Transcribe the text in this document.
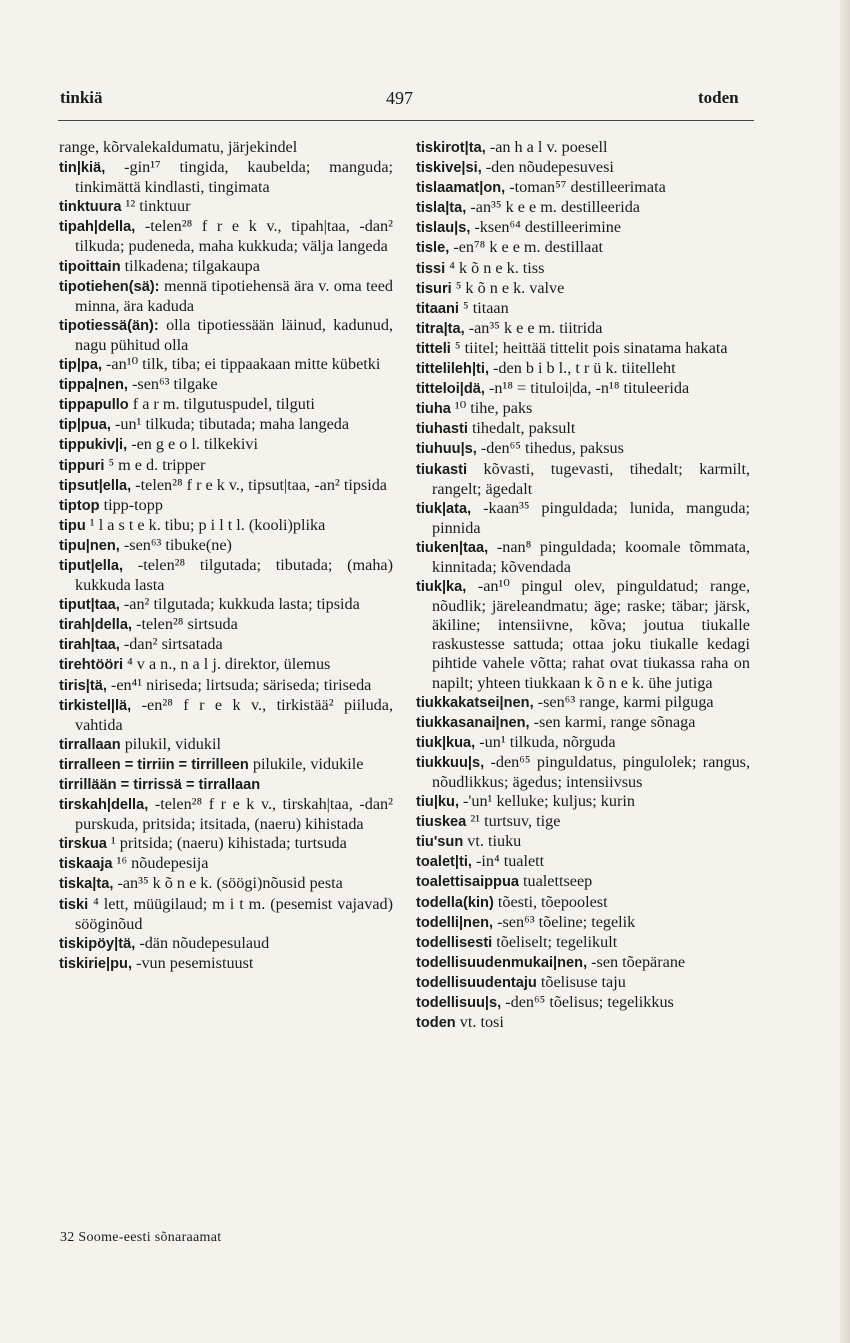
tinkiä	497	toden
range, kõrvalekaldumatu, järjekindel
tin|kiä, -gin¹⁷ tingida, kaubelda; manguda; tinkimättä kindlasti, tingimata
tinktuura ¹² tinktuur
tipah|della, -telen²⁸ f r e k v., tipah|taa, -dan² tilkuda; pudeneda, maha kukkuda; välja langeda
tipoittain tilkadena; tilgakaupa
tipotiehen(sä): mennä tipotiehensä ära v. oma teed minna, ära kaduda
tipotiessä(än): olla tipotiessään läinud, kadunud, nagu pühitud olla
tip|pa, -an¹⁰ tilk, tiba; ei tippaakaan mitte kübetki
tippa|nen, -sen⁶³ tilgake
tippapullo f a r m. tilgutuspudel, tilguti
tip|pua, -un¹ tilkuda; tibutada; maha langeda
tippukiv|i, -en g e o l. tilkekivi
tippuri ⁵ m e d. tripper
tipsut|ella, -telen²⁸ f r e k v., tipsut|taa, -an² tipsida
tiptop tipp-topp
tipu ¹ l a s t e k. tibu; p i l t l. (kooli)plika
tipu|nen, -sen⁶³ tibuke(ne)
tiput|ella, -telen²⁸ tilgutada; tibutada; (maha) kukkuda lasta
tiput|taa, -an² tilgutada; kukkuda lasta; tipsida
tirah|della, -telen²⁸ sirtsuda
tirah|taa, -dan² sirtsatada
tirehtööri ⁴ v a n., n a l j. direktor, ülemus
tiris|tä, -en⁴¹ niriseda; lirtsuda; säriseda; tiriseda
tirkistel|lä, -en²⁸ f r e k v., tirkistää² piiluda, vahtida
tirrallaan pilukil, vidukil
tirralleen = tirriin = tirrilleen pilukile, vidukile
tirrillään = tirrissä = tirrallaan
tirskah|della, -telen²⁸ f r e k v., tirskah|taa, -dan² purskuda, pritsida; itsitada, (naeru) kihistada
tirskua ¹ pritsida; (naeru) kihistada; turtsuda
tiskaaja ¹⁶ nõudepesija
tiska|ta, -an³⁵ k õ n e k. (söögi)nõusid pesta
tiski ⁴ lett, müügilaud; m i t m. (pesemist vajavad) sööginõud
tiskipöy|tä, -dän nõudepesulaud
tiskirie|pu, -vun pesemistuust
tiskirot|ta, -an h a l v. poesell
tiskive|si, -den nõudepesuvesi
tislaamat|on, -toman⁵⁷ destilleerimata
tisla|ta, -an³⁵ k e e m. destilleerida
tislau|s, -ksen⁶⁴ destilleerimine
tisle, -en⁷⁸ k e e m. destillaat
tissi ⁴ k õ n e k. tiss
tisuri ⁵ k õ n e k. valve
titaani ⁵ titaan
titra|ta, -an³⁵ k e e m. tiitrida
titteli ⁵ tiitel; heittää tittelit pois sinatama hakata
tittelileh|ti, -den b i b l., t r ü k. tiitelleht
titteloi|dä, -n¹⁸ = tituloi|da, -n¹⁸ tituleerida
tiuha ¹⁰ tihe, paks
tiuhasti tihedalt, paksult
tiuhuu|s, -den⁶⁵ tihedus, paksus
tiukasti kõvasti, tugevasti, tihedalt; karmilt, rangelt; ägedalt
tiuk|ata, -kaan³⁵ pinguldada; lunida, manguda; pinnida
tiuken|taa, -nan⁸ pinguldada; koomale tõmmata, kinnitada; kõvendada
tiuk|ka, -an¹⁰ pingul olev, pinguldatud; range, nõudlik; järeleandmatu; äge; raske; täbar; järsk, äkiline; intensiivne, kõva; joutua tiukalle raskustesse sattuda; ottaa joku tiukalle kedagi pihtide vahele võtta; rahat ovat tiukassa raha on napilt; yhteen tiukkaan k õ n e k. ühe jutiga
tiukkakatsei|nen, -sen⁶³ range, karmi pilguga
tiukkasanai|nen, -sen karmi, range sõnaga
tiuk|kua, -un¹ tilkuda, nõrguda
tiukkuu|s, -den⁶⁵ pinguldatus, pingulolek; rangus, nõudlikkus; ägedus; intensiivsus
tiu|ku, -'un¹ kelluke; kuljus; kurin
tiuskea ²¹ turtsuv, tige
tiu'sun vt. tiuku
toalet|ti, -in⁴ tualett
toalettisaippua tualettseep
todella(kin) tõesti, tõepoolest
todelli|nen, -sen⁶³ tõeline; tegelik
todellisesti tõeliselt; tegelikult
todellisuudenmukai|nen, -sen tõepärane
todellisuudentaju tõelisuse taju
todellisuu|s, -den⁶⁵ tõelisus; tegelikkus
toden vt. tosi
32 Soome-eesti sõnaraamat
